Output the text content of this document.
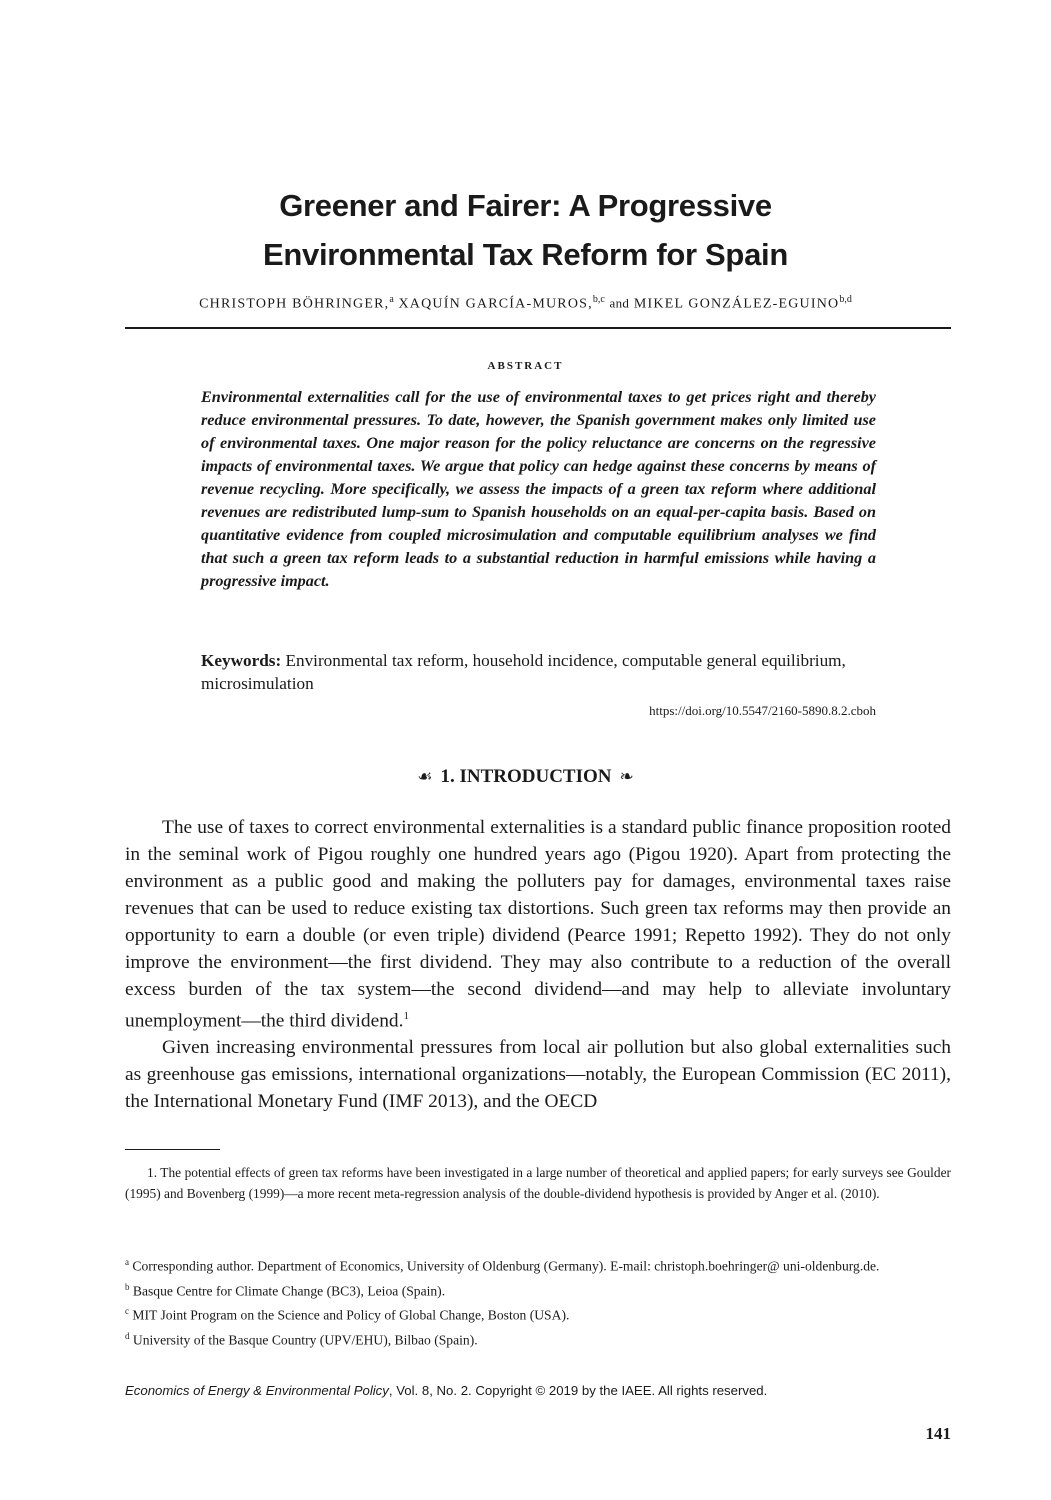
Greener and Fairer: A Progressive
Environmental Tax Reform for Spain
CHRISTOPH BÖHRINGER,$^a$ XAQUÍN GARCÍA-MUROS,$^{b,c}$ and MIKEL GONZÁLEZ-EGUINO$^{b,d}$
ABSTRACT
Environmental externalities call for the use of environmental taxes to get prices right and thereby reduce environmental pressures. To date, however, the Spanish government makes only limited use of environmental taxes. One major reason for the policy reluctance are concerns on the regressive impacts of environmental taxes. We argue that policy can hedge against these concerns by means of revenue recycling. More specifically, we assess the impacts of a green tax reform where additional revenues are redistributed lump-sum to Spanish households on an equal-per-capita basis. Based on quantitative evidence from coupled microsimulation and computable equilibrium analyses we find that such a green tax reform leads to a substantial reduction in harmful emissions while having a progressive impact.
Keywords: Environmental tax reform, household incidence, computable general equilibrium, microsimulation
https://doi.org/10.5547/2160-5890.8.2.cboh
☙ 1. INTRODUCTION ❧

The use of taxes to correct environmental externalities is a standard public finance proposition rooted in the seminal work of Pigou roughly one hundred years ago (Pigou 1920). Apart from protecting the environment as a public good and making the polluters pay for damages, environmental taxes raise revenues that can be used to reduce existing tax distortions. Such green tax reforms may then provide an opportunity to earn a double (or even triple) dividend (Pearce 1991; Repetto 1992). They do not only improve the environment—the first dividend. They may also contribute to a reduction of the overall excess burden of the tax system—the second dividend—and may help to alleviate involuntary unemployment—the third dividend.$^1$

Given increasing environmental pressures from local air pollution but also global externalities such as greenhouse gas emissions, international organizations—notably, the European Commission (EC 2011), the International Monetary Fund (IMF 2013), and the OECD

1. The potential effects of green tax reforms have been investigated in a large number of theoretical and applied papers; for early surveys see Goulder (1995) and Bovenberg (1999)—a more recent meta-regression analysis of the double-dividend hypothesis is provided by Anger et al. (2010).
$^a$ Corresponding author. Department of Economics, University of Oldenburg (Germany). E-mail: christoph.boehringer@ uni-oldenburg.de.
$^b$ Basque Centre for Climate Change (BC3), Leioa (Spain).
$^c$ MIT Joint Program on the Science and Policy of Global Change, Boston (USA).
$^d$ University of the Basque Country (UPV/EHU), Bilbao (Spain).
Economics of Energy & Environmental Policy, Vol. 8, No. 2. Copyright © 2019 by the IAEE. All rights reserved.
141
